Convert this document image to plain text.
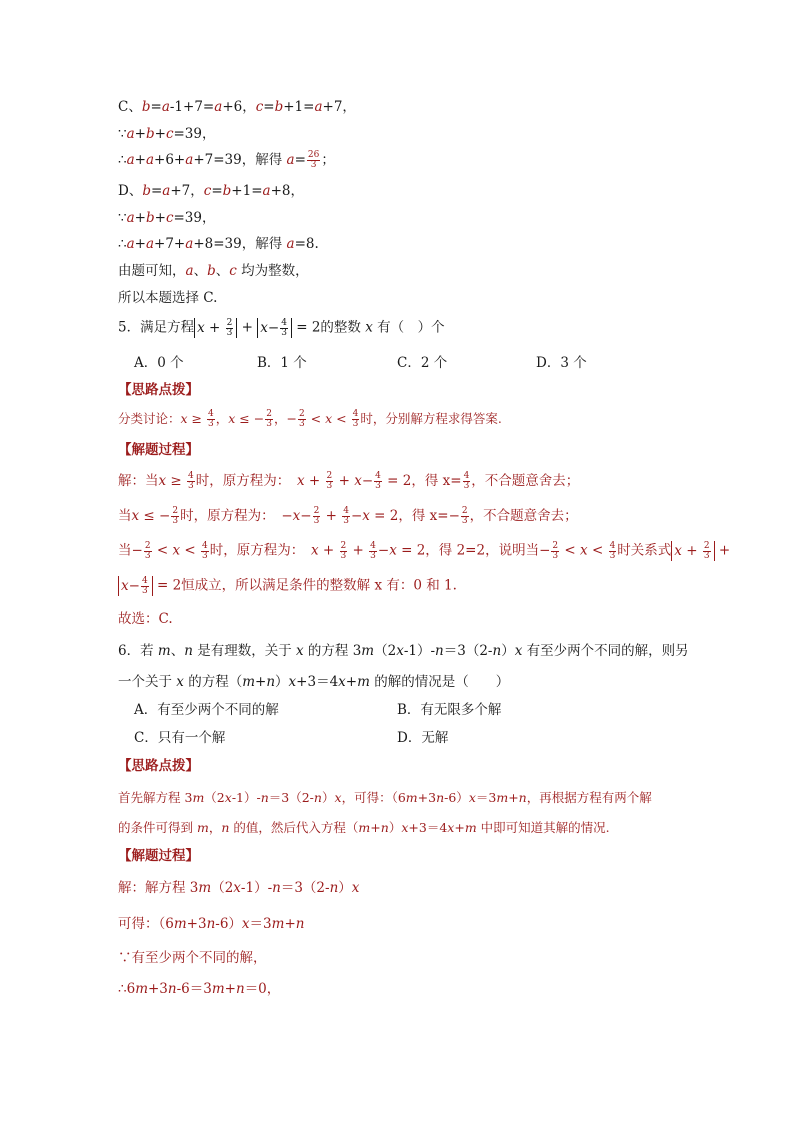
C、b=a-1+7=a+6，c=b+1=a+7，
∵a+b+c=39，
∴a+a+6+a+7=39，解得 $a= \frac{26}{3}$ ；
D、b=a+7，c=b+1=a+8，
∵a+b+c=39，
∴a+a+7+a+8=39，解得 a=8.
由题可知，a、b、c 均为整数，
所以本题选择 C.
5．满足方程 $x + \frac{2}{3} + x- \frac{4}{3} = 2$的整数 x 有（　）个
A．0 个	B．1 个	C．2 个	D．3 个
【思路点拨】
分类讨论：$x \ge \frac{4}{3}$ ，x ≤ − $\frac{2}{3}$ ，− $\frac{2}{3} < x < \frac{4}{3}$ 时，分别解方程求得答案.
【解题过程】
解：当$x \ge \frac{4}{3}$ 时，原方程为：　$x + \frac{2}{3} + x- \frac{4}{3} = 2$，得 $x= \frac{4}{3}$ ，不合题意舍去；
当x ≤ − $\frac{2}{3}$ 时，原方程为：　$-x- \frac{2}{3} + \frac{4}{3} -x = 2$，得 $x=- \frac{2}{3}$ ，不合题意舍去；
当− $\frac{2}{3} < x < \frac{4}{3}$ 时，原方程为：　$x + \frac{2}{3} + \frac{4}{3} -x = 2$，得 2=2，说明当− $\frac{2}{3} < x < \frac{4}{3}$ 时关系式 $x + \frac{2}{3}$ +
$x- \frac{4}{3} = 2$恒成立，所以满足条件的整数解 x 有：0 和 1.
故选：C.
6．若 m、n 是有理数，关于 x 的方程 3m（2x-1）-n＝3（2-n）x 有至少两个不同的解，则另
一个关于 x 的方程（m+n）x+3＝4x+m 的解的情况是（　　）
A．有至少两个不同的解	B．有无限多个解
C．只有一个解	D．无解
【思路点拨】
首先解方程 3m（2x-1）-n＝3（2-n）x，可得：（6m+3n-6）x＝3m+n，再根据方程有两个解
的条件可得到 m，n 的值，然后代入方程（m+n）x+3＝4x+m 中即可知道其解的情况.
【解题过程】
解：解方程 3m（2x-1）-n＝3（2-n）x
可得：（6m+3n-6）x＝3m+n
∵有至少两个不同的解，
∴6m+3n-6＝3m+n＝0，
